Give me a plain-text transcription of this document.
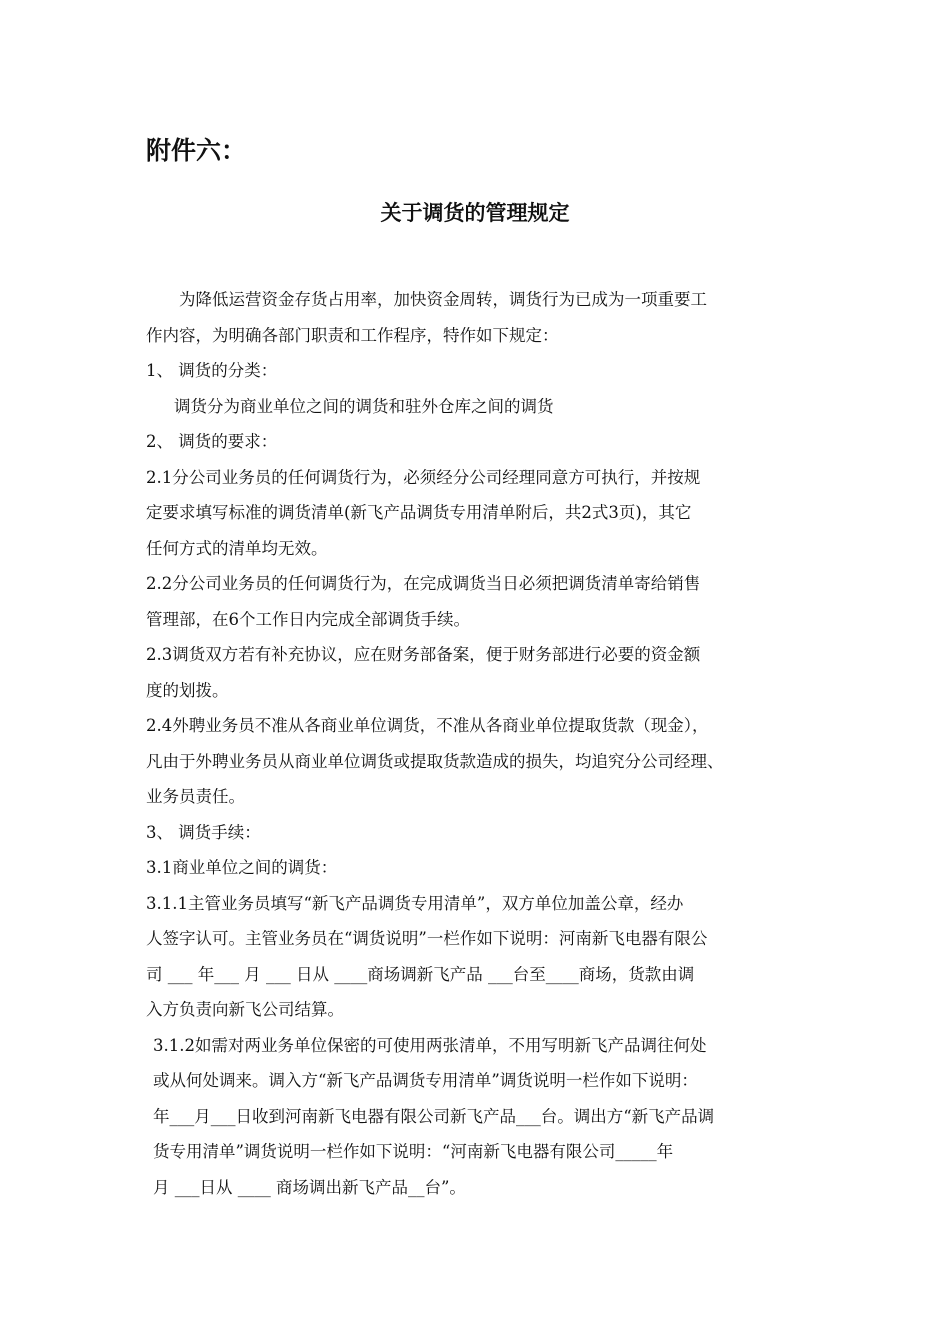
附件六：
关于调货的管理规定

为降低运营资金存货占用率，加快资金周转，调货行为已成为一项重要工

作内容，为明确各部门职责和工作程序，特作如下规定：

1、 调货的分类：

调货分为商业单位之间的调货和驻外仓库之间的调货

2、 调货的要求：

2.1分公司业务员的任何调货行为，必须经分公司经理同意方可执行，并按规

定要求填写标准的调货清单(新飞产品调货专用清单附后，共2式3页)，其它

任何方式的清单均无效。

2.2分公司业务员的任何调货行为，在完成调货当日必须把调货清单寄给销售

管理部，在6个工作日内完成全部调货手续。

2.3调货双方若有补充协议，应在财务部备案，便于财务部进行必要的资金额

度的划拨。

2.4外聘业务员不准从各商业单位调货，不准从各商业单位提取货款（现金），

凡由于外聘业务员从商业单位调货或提取货款造成的损失，均追究分公司经理、

业务员责任。

3、 调货手续：

3.1商业单位之间的调货：

3.1.1主管业务员填写“新飞产品调货专用清单”，双方单位加盖公章，经办

人签字认可。主管业务员在“调货说明”一栏作如下说明：河南新飞电器有限公

司 ___ 年___ 月 ___ 日从 ____商场调新飞产品 ___台至____商场，货款由调

入方负责向新飞公司结算。

3.1.2如需对两业务单位保密的可使用两张清单，不用写明新飞产品调往何处

或从何处调来。调入方“新飞产品调货专用清单”调货说明一栏作如下说明：

年___月___日收到河南新飞电器有限公司新飞产品___台。调出方“新飞产品调

货专用清单”调货说明一栏作如下说明：“河南新飞电器有限公司_____年

月 ___日从 ____ 商场调出新飞产品__台”。
